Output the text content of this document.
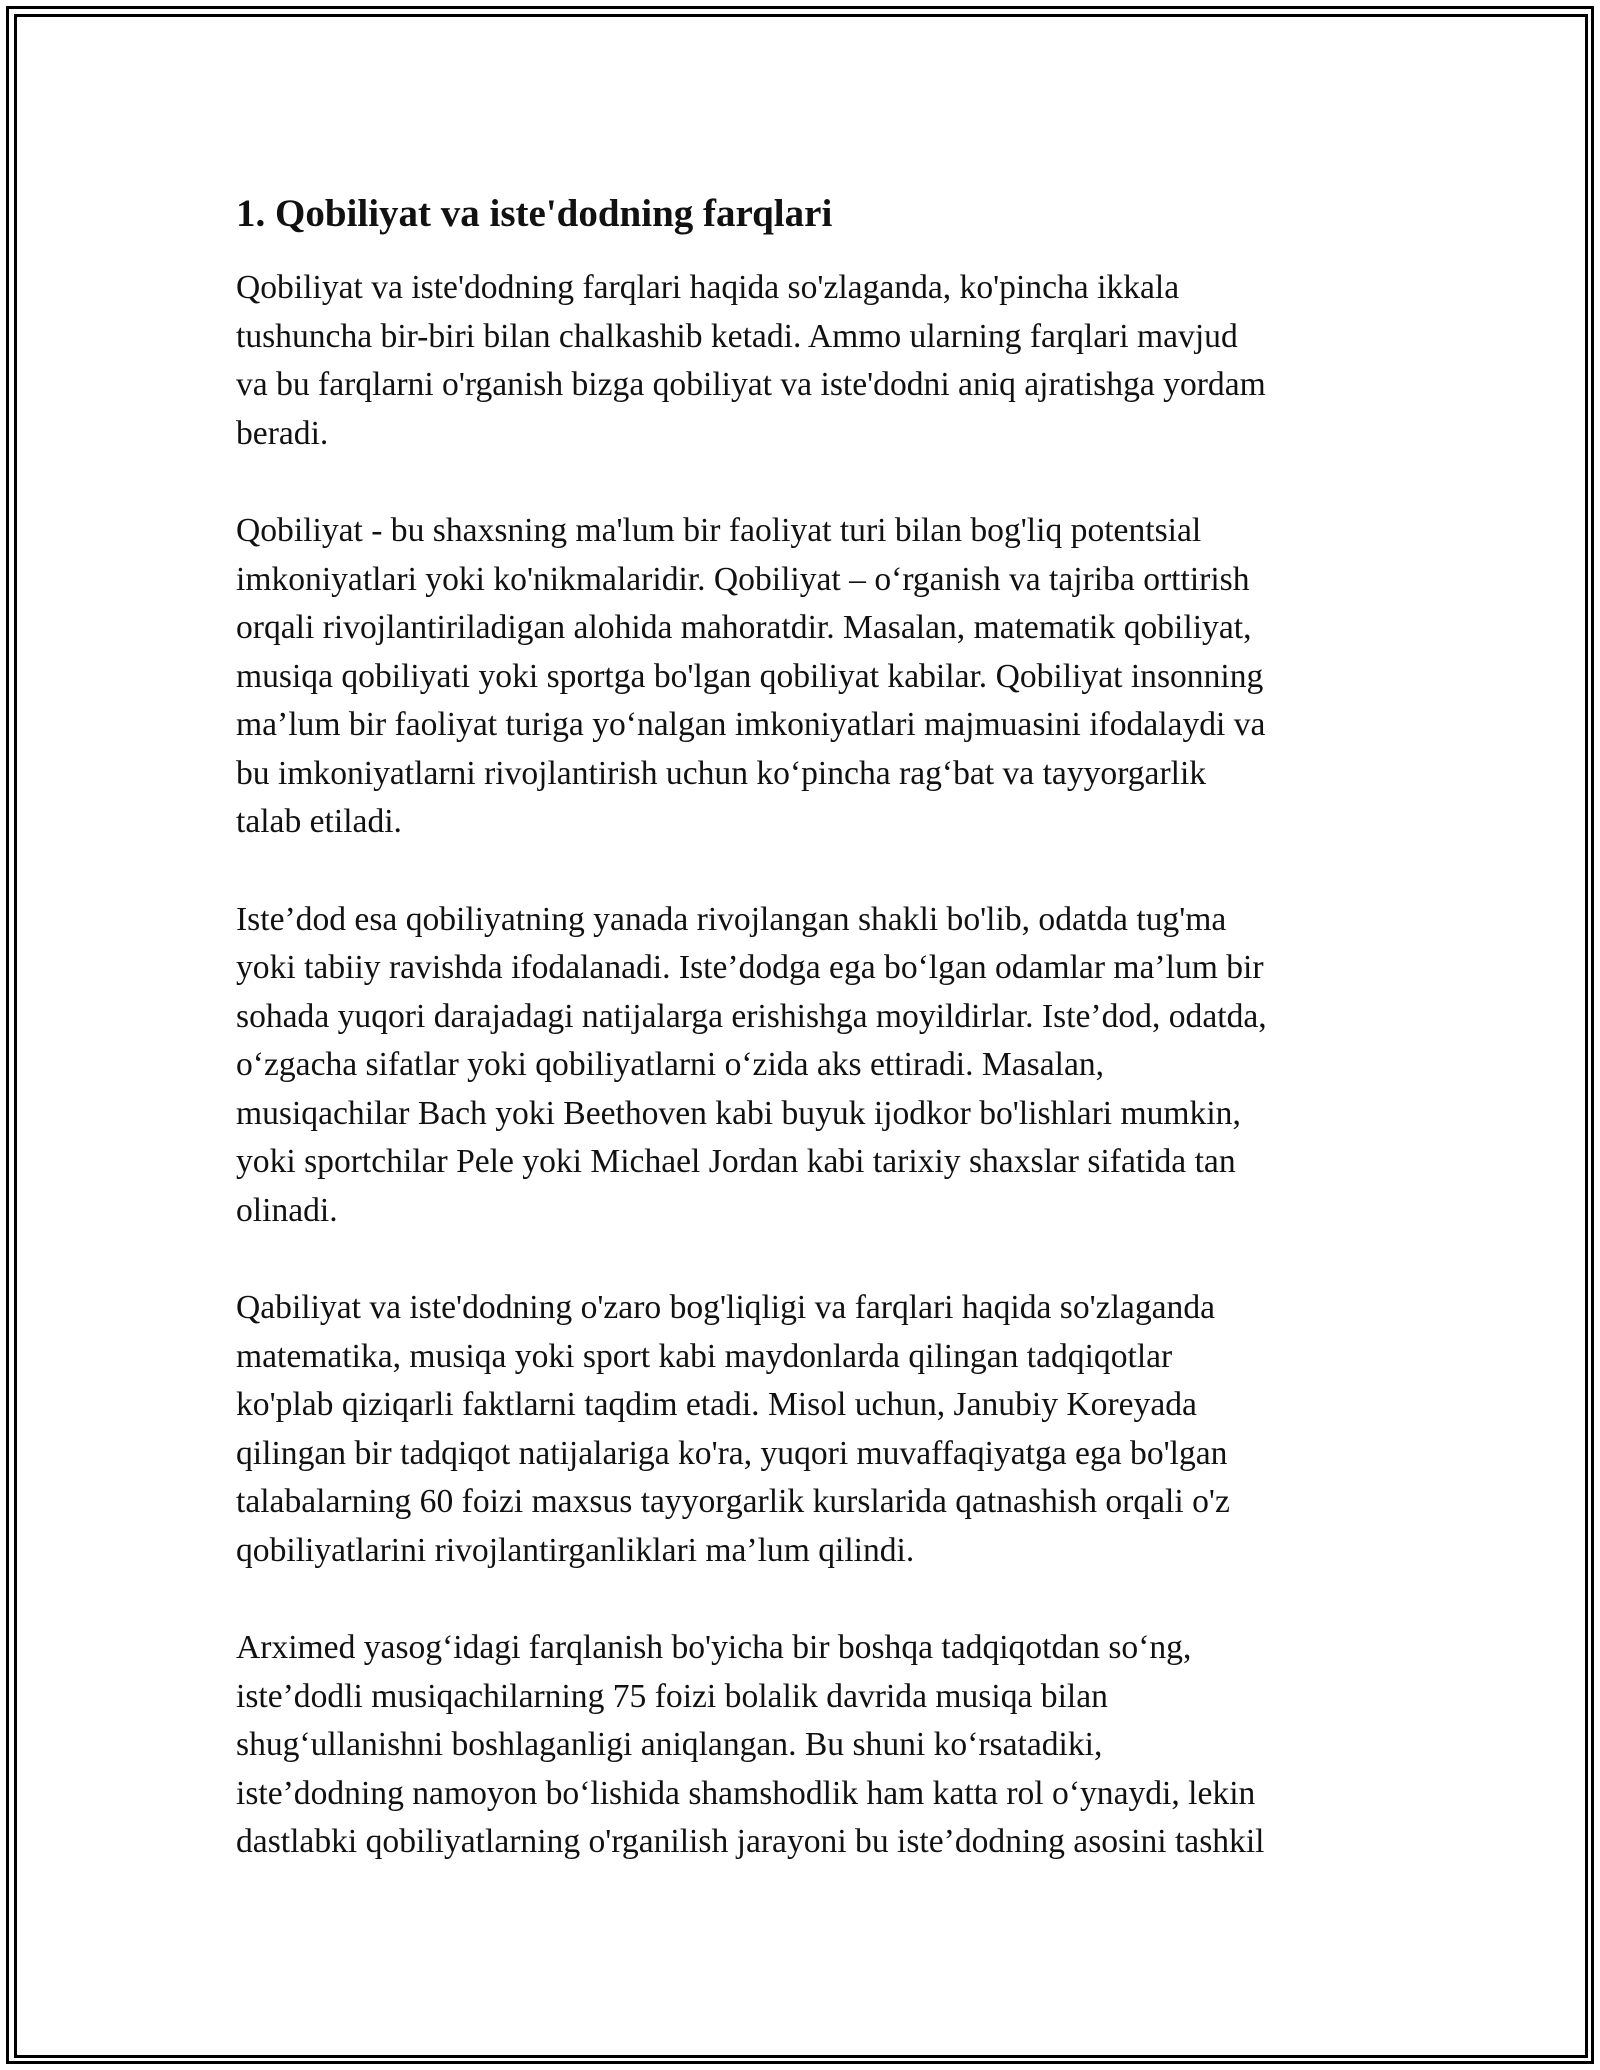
1. Qobiliyat va iste'dodning farqlari

Qobiliyat va iste'dodning farqlari haqida so'zlaganda, ko'pincha ikkala
tushuncha bir-biri bilan chalkashib ketadi. Ammo ularning farqlari mavjud
va bu farqlarni o'rganish bizga qobiliyat va iste'dodni aniq ajratishga yordam
beradi.

Qobiliyat - bu shaxsning ma'lum bir faoliyat turi bilan bog'liq potentsial
imkoniyatlari yoki ko'nikmalaridir. Qobiliyat – o‘rganish va tajriba orttirish
orqali rivojlantiriladigan alohida mahoratdir. Masalan, matematik qobiliyat,
musiqa qobiliyati yoki sportga bo'lgan qobiliyat kabilar. Qobiliyat insonning
ma’lum bir faoliyat turiga yo‘nalgan imkoniyatlari majmuasini ifodalaydi va
bu imkoniyatlarni rivojlantirish uchun ko‘pincha rag‘bat va tayyorgarlik
talab etiladi.

Iste’dod esa qobiliyatning yanada rivojlangan shakli bo'lib, odatda tug'ma
yoki tabiiy ravishda ifodalanadi. Iste’dodga ega bo‘lgan odamlar ma’lum bir
sohada yuqori darajadagi natijalarga erishishga moyildirlar. Iste’dod, odatda,
o‘zgacha sifatlar yoki qobiliyatlarni o‘zida aks ettiradi. Masalan,
musiqachilar Bach yoki Beethoven kabi buyuk ijodkor bo'lishlari mumkin,
yoki sportchilar Pele yoki Michael Jordan kabi tarixiy shaxslar sifatida tan
olinadi.

Qabiliyat va iste'dodning o'zaro bog'liqligi va farqlari haqida so'zlaganda
matematika, musiqa yoki sport kabi maydonlarda qilingan tadqiqotlar
ko'plab qiziqarli faktlarni taqdim etadi. Misol uchun, Janubiy Koreyada
qilingan bir tadqiqot natijalariga ko'ra, yuqori muvaffaqiyatga ega bo'lgan
talabalarning 60 foizi maxsus tayyorgarlik kurslarida qatnashish orqali o'z
qobiliyatlarini rivojlantirganliklari ma’lum qilindi.

Arximed yasog‘idagi farqlanish bo'yicha bir boshqa tadqiqotdan so‘ng,
iste’dodli musiqachilarning 75 foizi bolalik davrida musiqa bilan
shug‘ullanishni boshlaganligi aniqlangan. Bu shuni ko‘rsatadiki,
iste’dodning namoyon bo‘lishida shamshodlik ham katta rol o‘ynaydi, lekin
dastlabki qobiliyatlarning o'rganilish jarayoni bu iste’dodning asosini tashkil
